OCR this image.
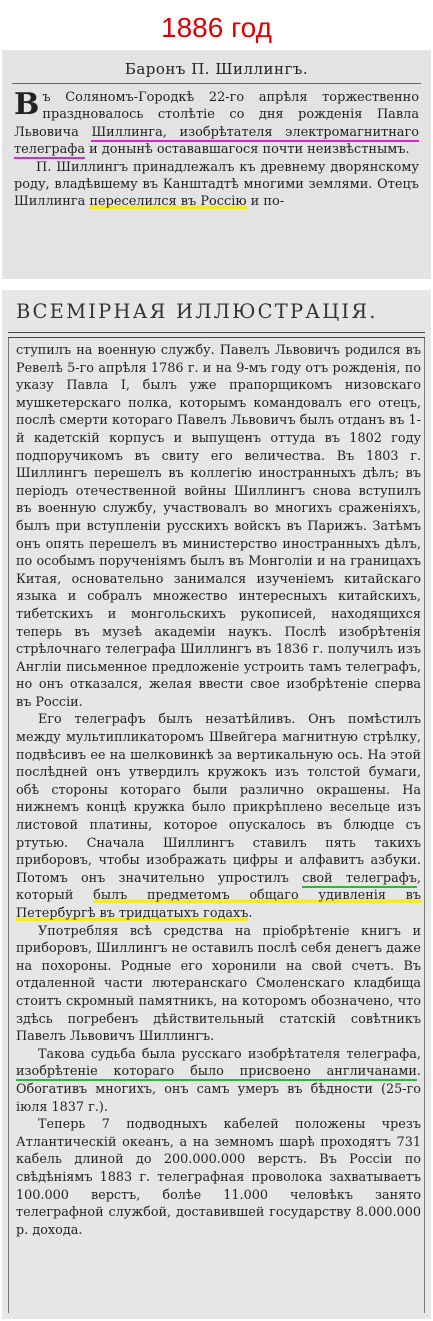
1886 год
Баронъ П. Шиллингъ.

Въ Соляномъ-Городкѣ 22-го апрѣля торжественно праздновалось столѣтіе со дня рожденія Павла Львовича Шиллинга, изобрѣтателя электромагнитнаго телеграфа и донынѣ остававшагося почти неизвѣстнымъ.

П. Шиллингъ принадлежалъ къ древнему дворянскому роду, владѣвшему въ Канштадтѣ многими землями. Отецъ Шиллинга переселился въ Россію и по-

ВСЕМІРНАЯ ИЛЛЮСТРАЦІЯ.

ступилъ на военную службу. Павелъ Львовичъ родился въ Ревелѣ 5-го апрѣля 1786 г. и на 9-мъ году отъ рожденія, по указу Павла I, былъ уже прапорщикомъ низовскаго мушкетерскаго полка, которымъ командовалъ его отецъ, послѣ смерти котораго Павелъ Львовичъ былъ отданъ въ 1-й кадетскій корпусъ и выпущенъ оттуда въ 1802 году подпоручикомъ въ свиту его величества. Въ 1803 г. Шиллингъ перешелъ въ коллегію иностранныхъ дѣлъ; въ періодъ отечественной войны Шиллингъ снова вступилъ въ военную службу, участвовалъ во многихъ сраженіяхъ, былъ при вступленіи русскихъ войскъ въ Парижъ. Затѣмъ онъ опять перешелъ въ министерство иностранныхъ дѣлъ, по особымъ порученіямъ былъ въ Монголіи и на границахъ Китая, основательно занимался изученіемъ китайскаго языка и собралъ множество интересныхъ китайскихъ, тибетскихъ и монгольскихъ рукописей, находящихся теперь въ музеѣ академіи наукъ. Послѣ изобрѣтенія стрѣлочнаго телеграфа Шиллингъ въ 1836 г. получилъ изъ Англіи письменное предложеніе устроить тамъ телеграфъ, но онъ отказался, желая ввести свое изобрѣтеніе сперва въ Россіи.

Его телеграфъ былъ незатѣйливъ. Онъ помѣстилъ между мультипликаторомъ Швейгера магнитную стрѣлку, подвѣсивъ ее на шелковинкѣ за вертикальную ось. На этой послѣдней онъ утвердилъ кружокъ изъ толстой бумаги, обѣ стороны котораго были различно окрашены. На нижнемъ концѣ кружка было прикрѣплено весельце изъ листовой платины, которое опускалось въ блюдце съ ртутью. Сначала Шиллингъ ставилъ пять такихъ приборовъ, чтобы изображать цифры и алфавитъ азбуки. Потомъ онъ значительно упростилъ свой телеграфъ, который былъ предметомъ общаго удивленія въ Петербургѣ въ тридцатыхъ годахъ.

Употребляя всѣ средства на пріобрѣтеніе книгъ и приборовъ, Шиллингъ не оставилъ послѣ себя денегъ даже на похороны. Родные его хоронили на свой счетъ. Въ отдаленной части лютеранскаго Смоленскаго кладбища стоитъ скромный памятникъ, на которомъ обозначено, что здѣсь погребенъ дѣйствительный статскій совѣтникъ Павелъ Львовичъ Шиллингъ.

Такова судьба была русскаго изобрѣтателя телеграфа, изобрѣтеніе котораго было присвоено англичанами. Обогативъ многихъ, онъ самъ умеръ въ бѣдности (25-го іюля 1837 г.).

Теперь 7 подводныхъ кабелей положены чрезъ Атлантическій океанъ, а на земномъ шарѣ проходятъ 731 кабель длиной до 200.000.000 верстъ. Въ Россіи по свѣдѣніямъ 1883 г. телеграфная проволока захватываетъ 100.000 верстъ, болѣе 11.000 человѣкъ занято телеграфной службой, доставившей государству 8.000.000 р. дохода.
